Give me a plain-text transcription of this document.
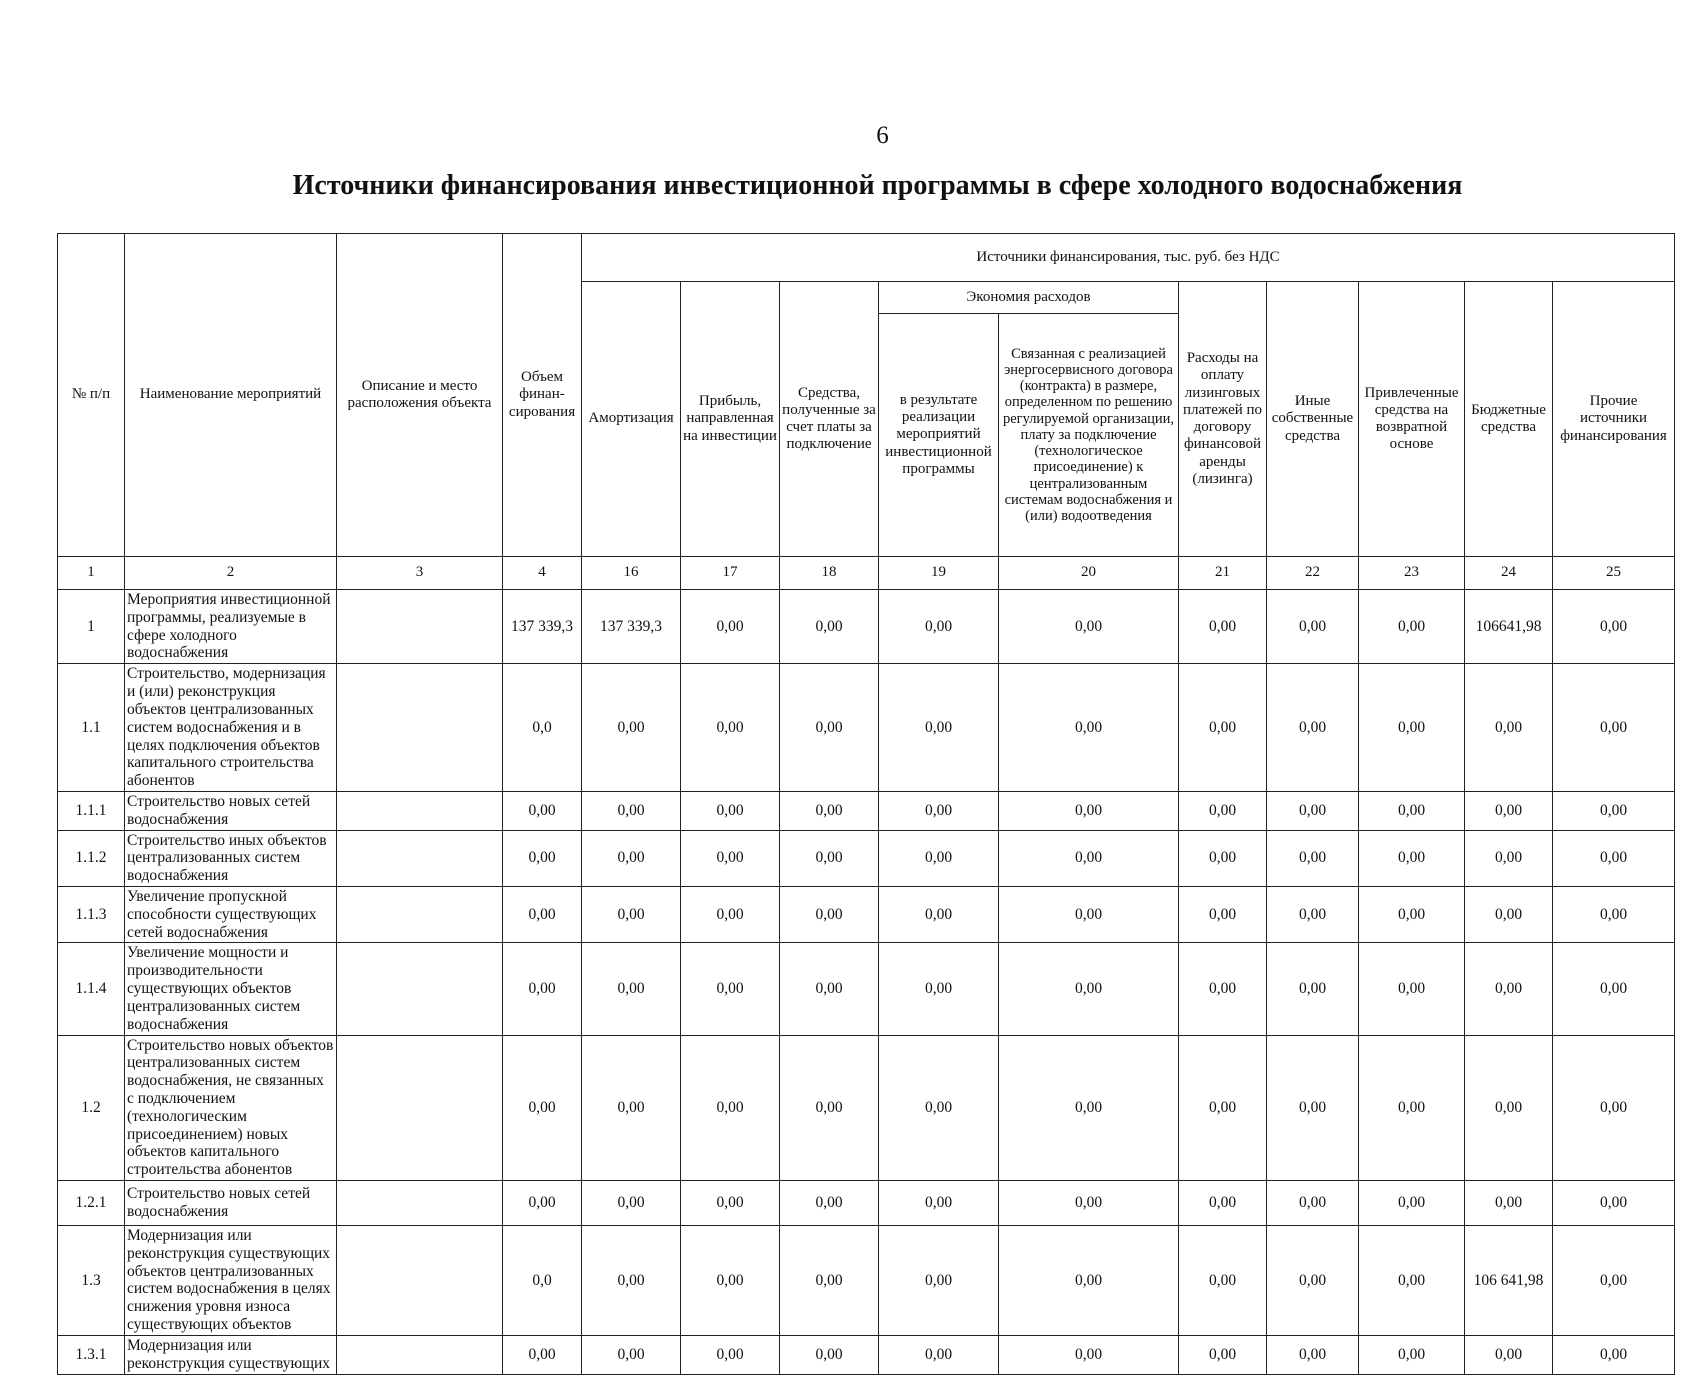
6
Источники финансирования инвестиционной программы в сфере холодного водоснабжения
№ п/п	Наименование мероприятий	Описание и место расположения объекта	Объем финан-сирования	Источники финансирования, тыс. руб. без НДС									
				Амортизация	Прибыль, направленная на инвестиции	Средства, полученные за счет платы за подключение	Экономия расходов		Расходы на оплату лизинговых платежей по договору финансовой аренды (лизинга)	Иные собственные средства	Привлеченные средства на возвратной основе	Бюджетные средства	Прочие источники финансирования
							в результате реализации мероприятий инвестиционной программы	Связанная с реализацией энергосервисного договора (контракта) в размере, определенном по решению регулируемой организации, плату за подключение (технологическое присоединение) к централизованным системам водоснабжения и (или) водоотведения					
1	2	3	4	16	17	18	19	20	21	22	23	24	25
1	Мероприятия инвестиционной программы, реализуемые в сфере холодного водоснабжения		137 339,3	137 339,3	0,00	0,00	0,00	0,00	0,00	0,00	0,00	106641,98	0,00
1.1	Строительство, модернизация и (или) реконструкция объектов централизованных систем водоснабжения и в целях подключения объектов капитального строительства абонентов		0,0	0,00	0,00	0,00	0,00	0,00	0,00	0,00	0,00	0,00	0,00
1.1.1	Строительство новых сетей водоснабжения		0,00	0,00	0,00	0,00	0,00	0,00	0,00	0,00	0,00	0,00	0,00
1.1.2	Строительство иных объектов централизованных систем водоснабжения		0,00	0,00	0,00	0,00	0,00	0,00	0,00	0,00	0,00	0,00	0,00
1.1.3	Увеличение пропускной способности существующих сетей водоснабжения		0,00	0,00	0,00	0,00	0,00	0,00	0,00	0,00	0,00	0,00	0,00
1.1.4	Увеличение мощности и производительности существующих объектов централизованных систем водоснабжения		0,00	0,00	0,00	0,00	0,00	0,00	0,00	0,00	0,00	0,00	0,00
1.2	Строительство новых объектов централизованных систем водоснабжения, не связанных с подключением (технологическим присоединением) новых объектов капитального строительства абонентов		0,00	0,00	0,00	0,00	0,00	0,00	0,00	0,00	0,00	0,00	0,00
1.2.1	Строительство новых сетей водоснабжения		0,00	0,00	0,00	0,00	0,00	0,00	0,00	0,00	0,00	0,00	0,00
1.3	Модернизация или реконструкция существующих объектов централизованных систем водоснабжения в целях снижения уровня износа существующих объектов		0,0	0,00	0,00	0,00	0,00	0,00	0,00	0,00	0,00	106 641,98	0,00
1.3.1	Модернизация или реконструкция существующих		0,00	0,00	0,00	0,00	0,00	0,00	0,00	0,00	0,00	0,00	0,00
